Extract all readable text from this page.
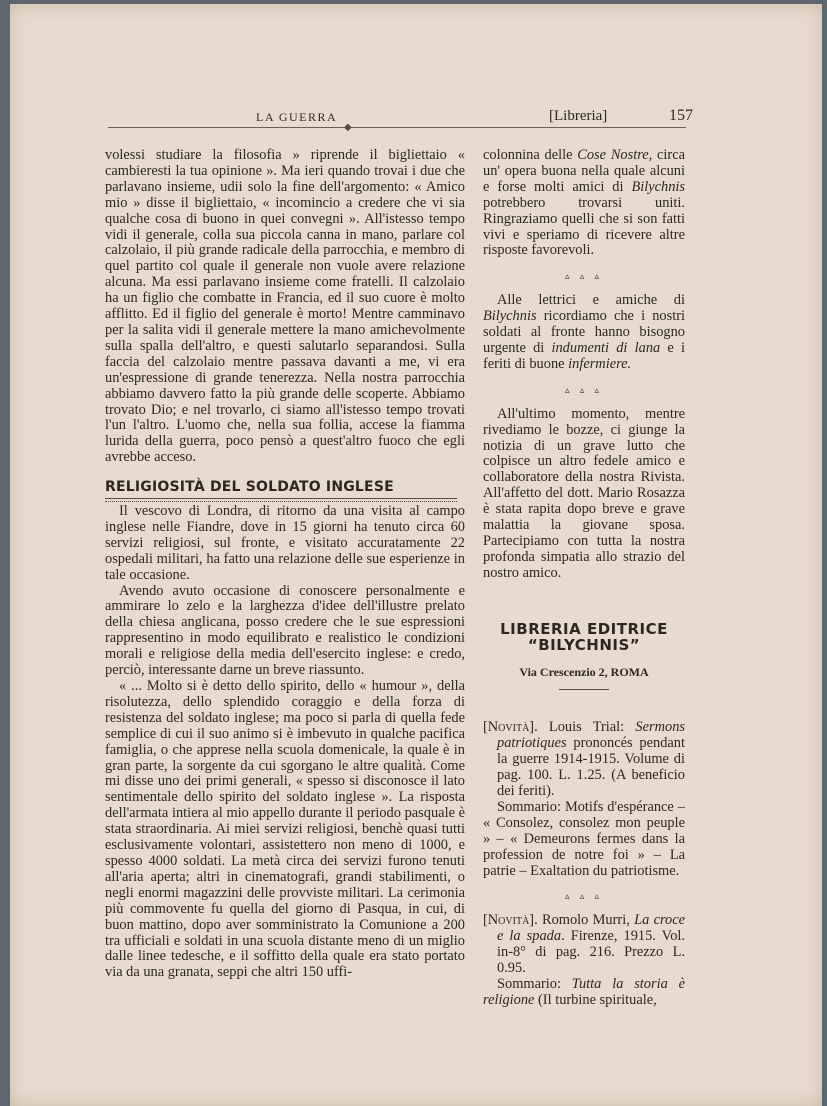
LA GUERRA	[Libreria]	157
◆

volessi studiare la filosofia » riprende il bigliettaio « cambieresti la tua opinione ». Ma ieri quando trovai i due che parlavano insieme, udii solo la fine dell'argomento: « Amico mio » disse il bigliettaio, « incomincio a credere che vi sia qualche cosa di buono in quei convegni ». All'istesso tempo vidi il generale, colla sua piccola canna in mano, parlare col calzolaio, il più grande radicale della parrocchia, e membro di quel partito col quale il generale non vuole avere relazione alcuna. Ma essi parlavano insieme come fratelli. Il calzolaio ha un figlio che combatte in Francia, ed il suo cuore è molto afflitto. Ed il figlio del generale è morto! Mentre camminavo per la salita vidi il generale mettere la mano amichevolmente sulla spalla dell'altro, e questi salutarlo separandosi. Sulla faccia del calzolaio mentre passava davanti a me, vi era un'espressione di grande tenerezza. Nella nostra parrocchia abbiamo davvero fatto la più grande delle scoperte. Abbiamo trovato Dio; e nel trovarlo, ci siamo all'istesso tempo trovati l'un l'altro. L'uomo che, nella sua follia, accese la fiamma lurida della guerra, poco pensò a quest'altro fuoco che egli avrebbe acceso.

RELIGIOSITÀ DEL SOLDATO INGLESE

Il vescovo di Londra, di ritorno da una visita al campo inglese nelle Fiandre, dove in 15 giorni ha tenuto circa 60 servizi religiosi, sul fronte, e visitato accuratamente 22 ospedali militari, ha fatto una relazione delle sue esperienze in tale occasione.

Avendo avuto occasione di conoscere personalmente e ammirare lo zelo e la larghezza d'idee dell'illustre prelato della chiesa anglicana, posso credere che le sue espressioni rappresentino in modo equilibrato e realistico le condizioni morali e religiose della media dell'esercito inglese: e credo, perciò, interessante darne un breve riassunto.

« ... Molto si è detto dello spirito, dello « humour », della risolutezza, dello splendido coraggio e della forza di resistenza del soldato inglese; ma poco si parla di quella fede semplice di cui il suo animo si è imbevuto in qualche pacifica famiglia, o che apprese nella scuola domenicale, la quale è in gran parte, la sorgente da cui sgorgano le altre qualità. Come mi disse uno dei primi generali, « spesso si disconosce il lato sentimentale dello spirito del soldato inglese ». La risposta dell'armata intiera al mio appello durante il periodo pasquale è stata straordinaria. Ai miei servizi religiosi, benchè quasi tutti esclusivamente volontari, assistettero non meno di 1000, e spesso 4000 soldati. La metà circa dei servizi furono tenuti all'aria aperta; altri in cinematografi, grandi stabilimenti, o negli enormi magazzini delle provviste militari. La cerimonia più commovente fu quella del giorno di Pasqua, in cui, di buon mattino, dopo aver somministrato la Comunione a 200 tra ufficiali e soldati in una scuola distante meno di un miglio dalle linee tedesche, e il soffitto della quale era stato portato via da una granata, seppi che altri 150 uffi-

colonnina delle Cose Nostre, circa un' opera buona nella quale alcuni e forse molti amici di Bilychnis potrebbero trovarsi uniti. Ringraziamo quelli che si son fatti vivi e speriamo di ricevere altre risposte favorevoli.

▵ ▵ ▵

Alle lettrici e amiche di Bilychnis ricordiamo che i nostri soldati al fronte hanno bisogno urgente di indumenti di lana e i feriti di buone infermiere.

▵ ▵ ▵

All'ultimo momento, mentre rivediamo le bozze, ci giunge la notizia di un grave lutto che colpisce un altro fedele amico e collaboratore della nostra Rivista. All'affetto del dott. Mario Rosazza è stata rapita dopo breve e grave malattia la giovane sposa. Partecipiamo con tutta la nostra profonda simpatia allo strazio del nostro amico.

LIBRERIA EDITRICE “BILYCHNIS”
Via Crescenzio 2, ROMA

[Novità]. Louis Trial: Sermons patriotiques prononcés pendant la guerre 1914-1915. Volume di pag. 100. L. 1.25. (A beneficio dei feriti).

Sommario: Motifs d'espérance – « Consolez, consolez mon peuple » – « Demeurons fermes dans la profession de notre foi » – La patrie – Exaltation du patriotisme.

▵ ▵ ▵

[Novità]. Romolo Murri, La croce e la spada. Firenze, 1915. Vol. in-8° di pag. 216. Prezzo L. 0.95.

Sommario: Tutta la storia è religione (Il turbine spirituale,
